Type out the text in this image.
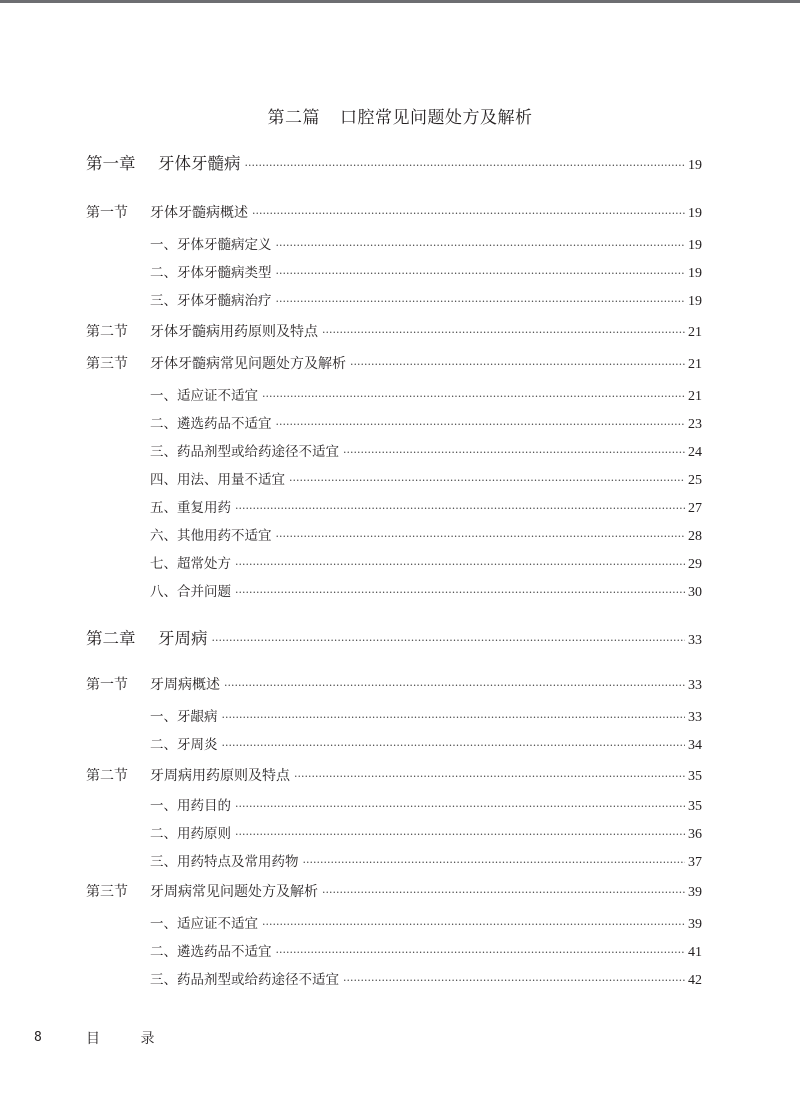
第二篇 口腔常见问题处方及解析
第一章 牙体牙髓病 ·····	19
第一节 牙体牙髓病概述 ·····	19
一、牙体牙髓病定义 ·····	19
二、牙体牙髓病类型 ·····	19
三、牙体牙髓病治疗 ·····	19
第二节 牙体牙髓病用药原则及特点 ·····	21
第三节 牙体牙髓病常见问题处方及解析 ·····	21
一、适应证不适宜 ·····	21
二、遴选药品不适宜 ·····	23
三、药品剂型或给药途径不适宜 ·····	24
四、用法、用量不适宜 ·····	25
五、重复用药 ·····	27
六、其他用药不适宜 ·····	28
七、超常处方 ·····	29
八、合并问题 ·····	30
第二章 牙周病 ·····	33
第一节 牙周病概述 ·····	33
一、牙龈病 ·····	33
二、牙周炎 ·····	34
第二节 牙周病用药原则及特点 ·····	35
一、用药目的 ·····	35
二、用药原则 ·····	36
三、用药特点及常用药物 ·····	37
第三节 牙周病常见问题处方及解析 ·····	39
一、适应证不适宜 ·····	39
二、遴选药品不适宜 ·····	41
三、药品剂型或给药途径不适宜 ·····	42
8	目 录
